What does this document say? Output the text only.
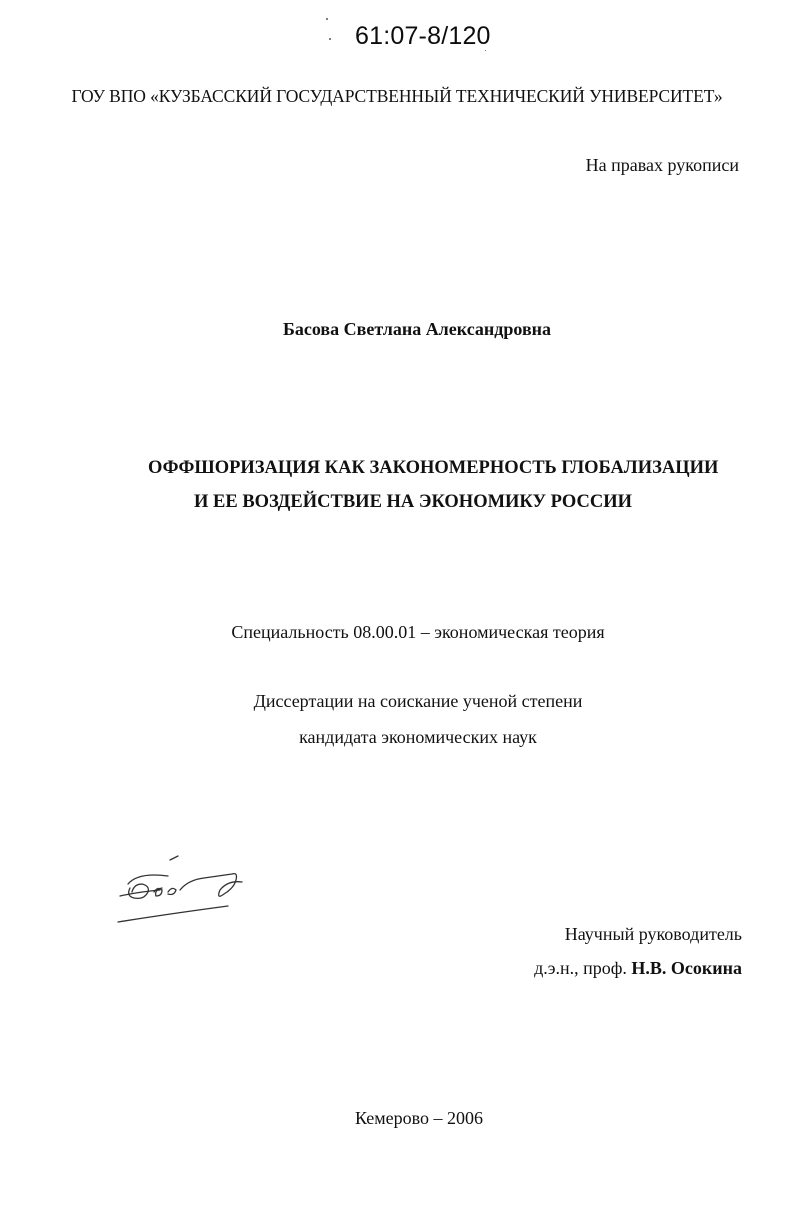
61:07-8/120
ГОУ ВПО «КУЗБАССКИЙ ГОСУДАРСТВЕННЫЙ ТЕХНИЧЕСКИЙ УНИВЕРСИТЕТ»
На правах рукописи
Басова Светлана Александровна
ОФФШОРИЗАЦИЯ КАК ЗАКОНОМЕРНОСТЬ ГЛОБАЛИЗАЦИИ
И ЕЕ ВОЗДЕЙСТВИЕ НА ЭКОНОМИКУ РОССИИ
Специальность 08.00.01 – экономическая теория
Диссертации на соискание ученой степени
кандидата экономических наук
Научный руководитель
д.э.н., проф. Н.В. Осокина
Кемерово – 2006
